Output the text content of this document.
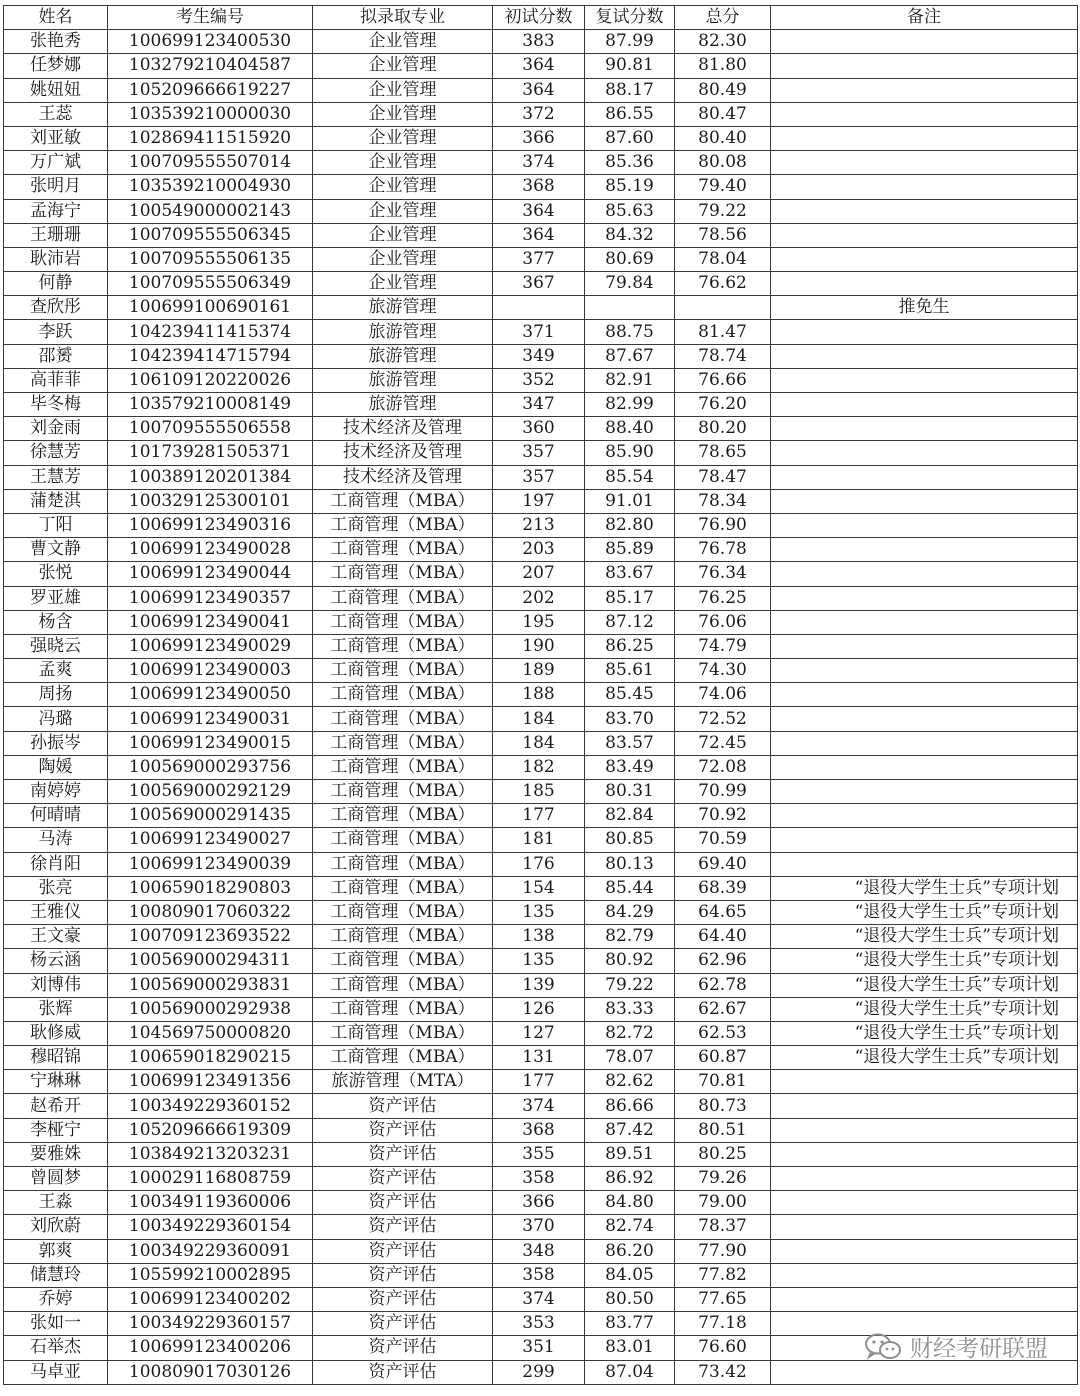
姓名	考生编号	拟录取专业	初试分数	复试分数	总分	备注
张艳秀	100699123400530	企业管理	383	87.99	82.30	
任梦娜	103279210404587	企业管理	364	90.81	81.80	
姚妞妞	105209666619227	企业管理	364	88.17	80.49	
王蕊	103539210000030	企业管理	372	86.55	80.47	
刘亚敏	102869411515920	企业管理	366	87.60	80.40	
万广斌	100709555507014	企业管理	374	85.36	80.08	
张明月	103539210004930	企业管理	368	85.19	79.40	
孟海宁	100549000002143	企业管理	364	85.63	79.22	
王珊珊	100709555506345	企业管理	364	84.32	78.56	
耿沛岩	100709555506135	企业管理	377	80.69	78.04	
何静	100709555506349	企业管理	367	79.84	76.62	
查欣彤	100699100690161	旅游管理				推免生
李跃	104239411415374	旅游管理	371	88.75	81.47	
邵赟	104239414715794	旅游管理	349	87.67	78.74	
高菲菲	106109120220026	旅游管理	352	82.91	76.66	
毕冬梅	103579210008149	旅游管理	347	82.99	76.20	
刘金雨	100709555506558	技术经济及管理	360	88.40	80.20	
徐慧芳	101739281505371	技术经济及管理	357	85.90	78.65	
王慧芳	100389120201384	技术经济及管理	357	85.54	78.47	
蒲楚淇	100329125300101	工商管理（MBA）	197	91.01	78.34	
丁阳	100699123490316	工商管理（MBA）	213	82.80	76.90	
曹文静	100699123490028	工商管理（MBA）	203	85.89	76.78	
张悦	100699123490044	工商管理（MBA）	207	83.67	76.34	
罗亚雄	100699123490357	工商管理（MBA）	202	85.17	76.25	
杨含	100699123490041	工商管理（MBA）	195	87.12	76.06	
强晓云	100699123490029	工商管理（MBA）	190	86.25	74.79	
孟爽	100699123490003	工商管理（MBA）	189	85.61	74.30	
周扬	100699123490050	工商管理（MBA）	188	85.45	74.06	
冯璐	100699123490031	工商管理（MBA）	184	83.70	72.52	
孙振岑	100699123490015	工商管理（MBA）	184	83.57	72.45	
陶媛	100569000293756	工商管理（MBA）	182	83.49	72.08	
南婷婷	100569000292129	工商管理（MBA）	185	80.31	70.99	
何晴晴	100569000291435	工商管理（MBA）	177	82.84	70.92	
马涛	100699123490027	工商管理（MBA）	181	80.85	70.59	
徐肖阳	100699123490039	工商管理（MBA）	176	80.13	69.40	
张亮	100659018290803	工商管理（MBA）	154	85.44	68.39	“退役大学生士兵”专项计划
王雅仪	100809017060322	工商管理（MBA）	135	84.29	64.65	“退役大学生士兵”专项计划
王文豪	100709123693522	工商管理（MBA）	138	82.79	64.40	“退役大学生士兵”专项计划
杨云涵	100569000294311	工商管理（MBA）	135	80.92	62.96	“退役大学生士兵”专项计划
刘博伟	100569000293831	工商管理（MBA）	139	79.22	62.78	“退役大学生士兵”专项计划
张辉	100569000292938	工商管理（MBA）	126	83.33	62.67	“退役大学生士兵”专项计划
耿修威	104569750000820	工商管理（MBA）	127	82.72	62.53	“退役大学生士兵”专项计划
穆昭锦	100659018290215	工商管理（MBA）	131	78.07	60.87	“退役大学生士兵”专项计划
宁琳琳	100699123491356	旅游管理（MTA）	177	82.62	70.81	
赵希开	100349229360152	资产评估	374	86.66	80.73	
李桠宁	105209666619309	资产评估	368	87.42	80.51	
要雅姝	103849213203231	资产评估	355	89.51	80.25	
曾圆梦	100029116808759	资产评估	358	86.92	79.26	
王淼	100349119360006	资产评估	366	84.80	79.00	
刘欣蔚	100349229360154	资产评估	370	82.74	78.37	
郭爽	100349229360091	资产评估	348	86.20	77.90	
储慧玲	105599210002895	资产评估	358	84.05	77.82	
乔婷	100699123400202	资产评估	374	80.50	77.65	
张如一	100349229360157	资产评估	353	83.77	77.18	
石举杰	100699123400206	资产评估	351	83.01	76.60	
马卓亚	100809017030126	资产评估	299	87.04	73.42	
财经考研联盟
